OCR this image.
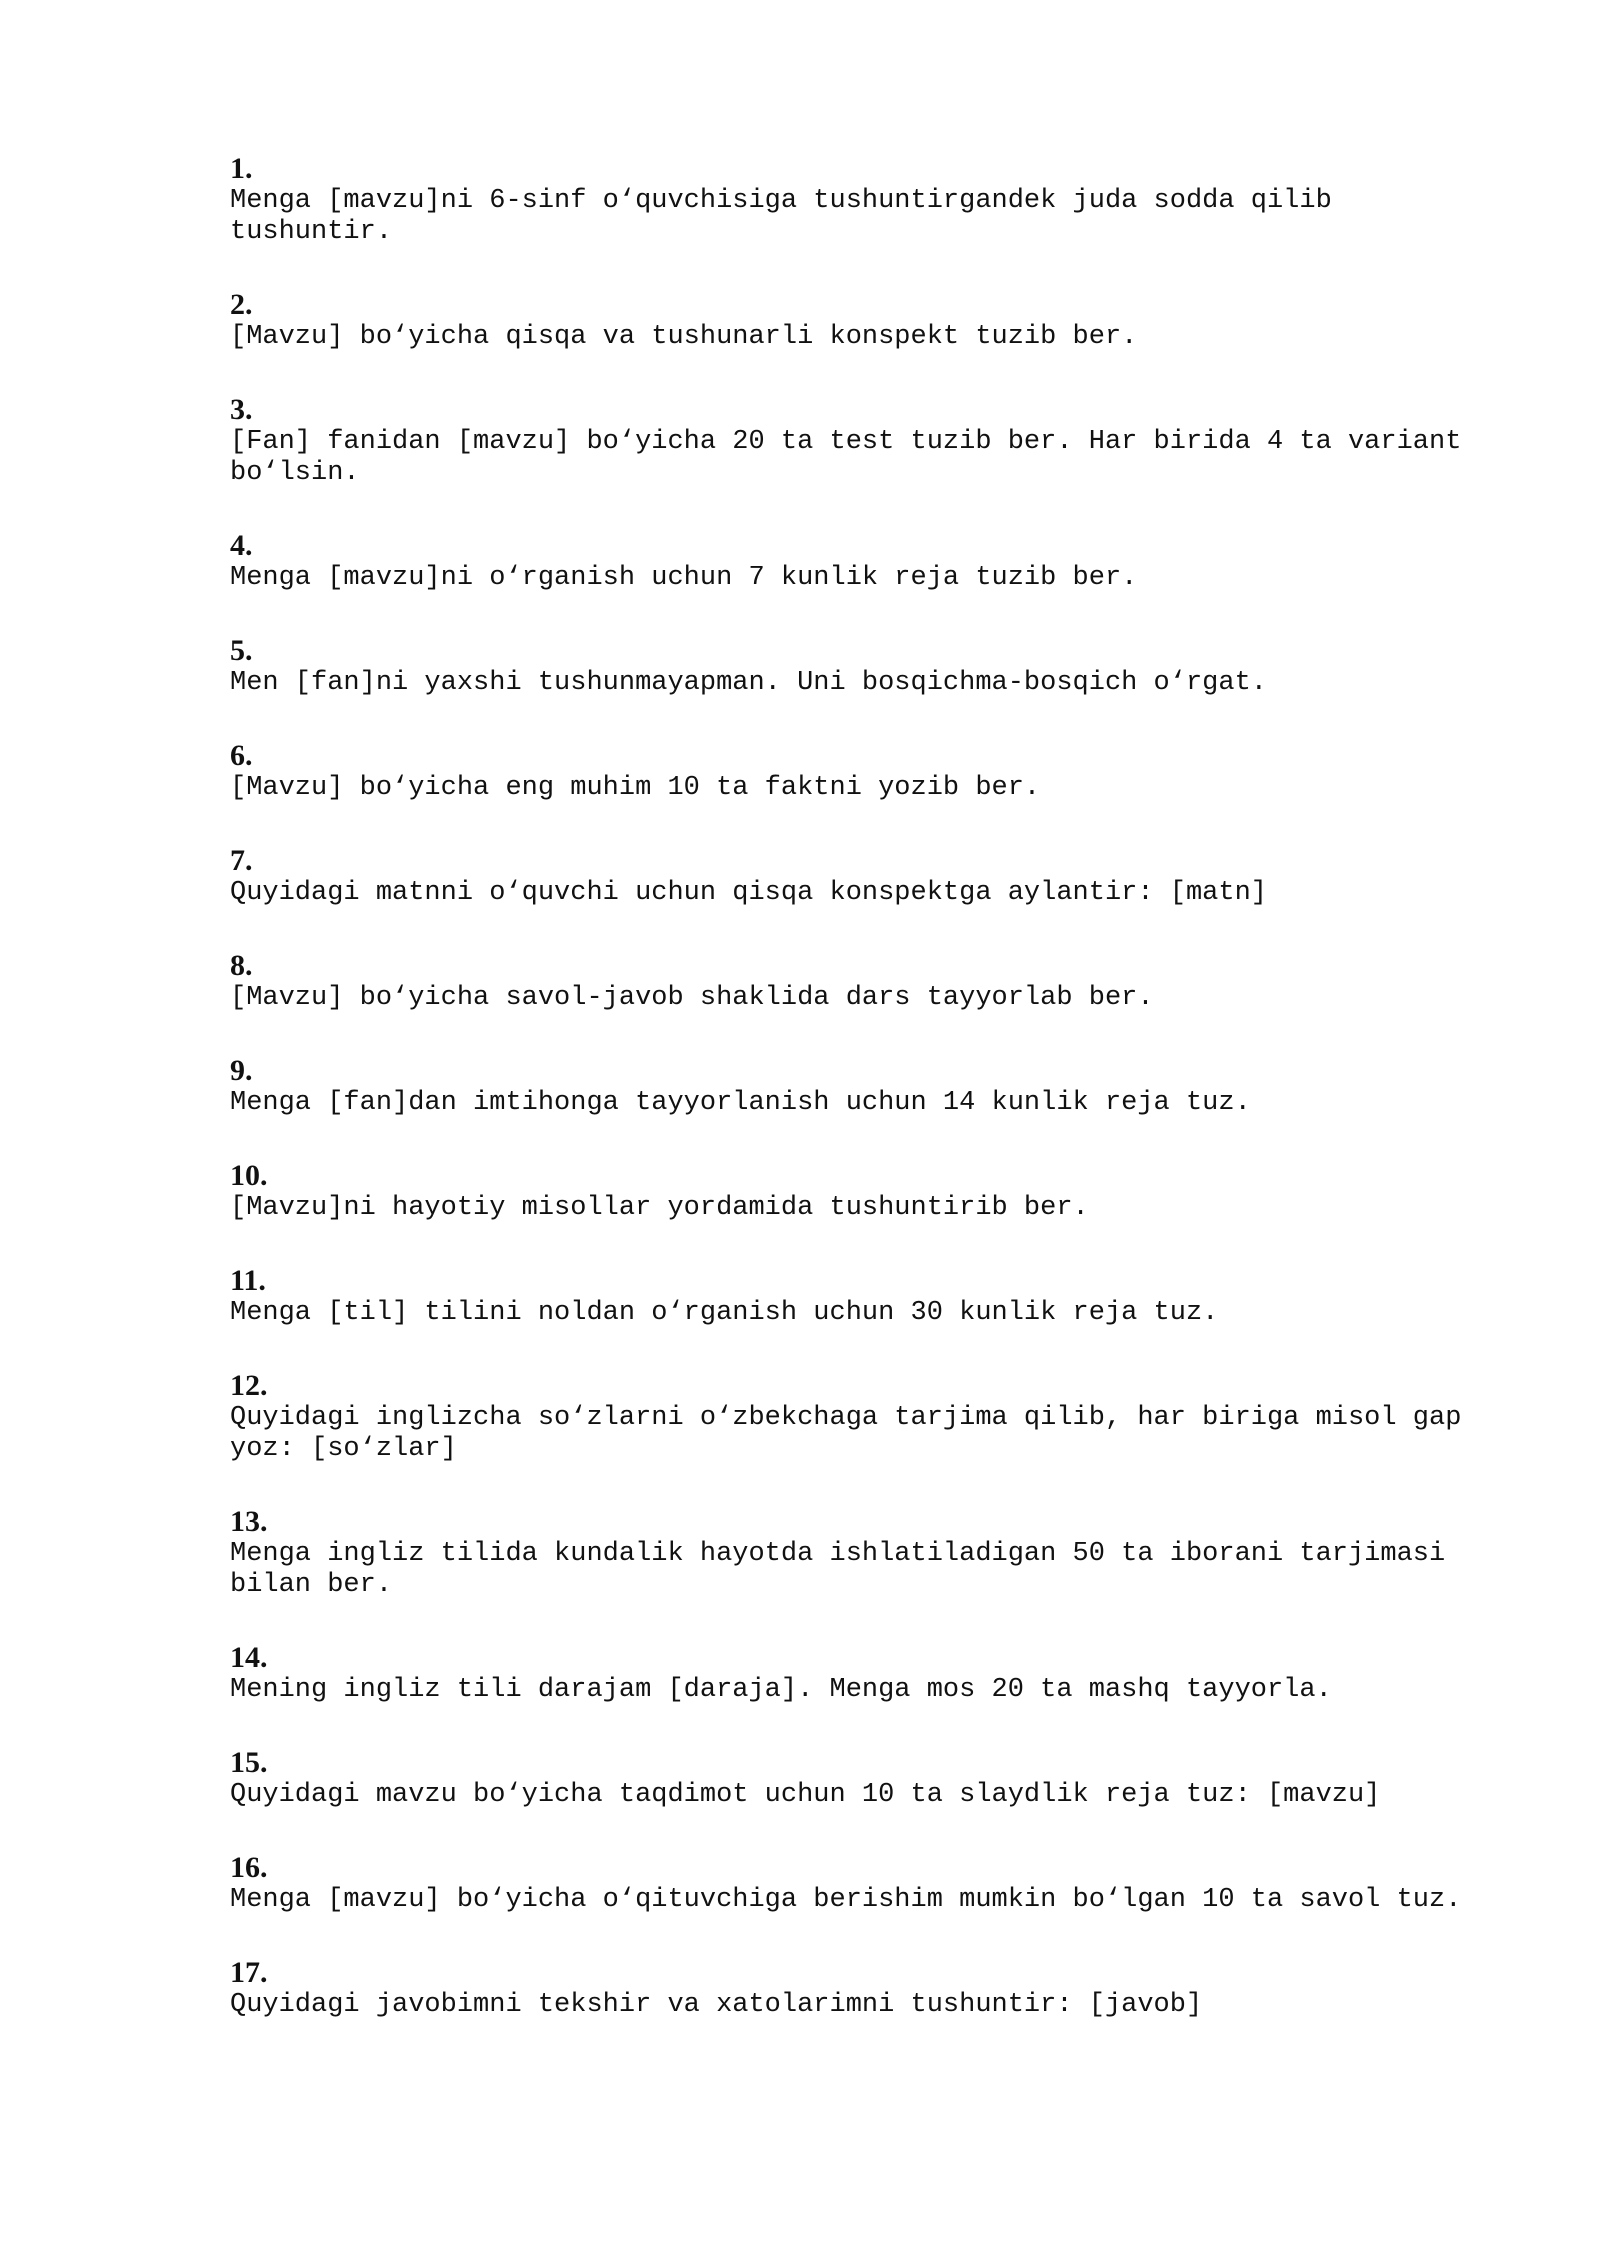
1.
Menga [mavzu]ni 6-sinf o‘quvchisiga tushuntirgandek juda sodda qilib
tushuntir.
2.
[Mavzu] bo‘yicha qisqa va tushunarli konspekt tuzib ber.
3.
[Fan] fanidan [mavzu] bo‘yicha 20 ta test tuzib ber. Har birida 4 ta variant
bo‘lsin.
4.
Menga [mavzu]ni o‘rganish uchun 7 kunlik reja tuzib ber.
5.
Men [fan]ni yaxshi tushunmayapman. Uni bosqichma-bosqich o‘rgat.
6.
[Mavzu] bo‘yicha eng muhim 10 ta faktni yozib ber.
7.
Quyidagi matnni o‘quvchi uchun qisqa konspektga aylantir: [matn]
8.
[Mavzu] bo‘yicha savol-javob shaklida dars tayyorlab ber.
9.
Menga [fan]dan imtihonga tayyorlanish uchun 14 kunlik reja tuz.
10.
[Mavzu]ni hayotiy misollar yordamida tushuntirib ber.
11.
Menga [til] tilini noldan o‘rganish uchun 30 kunlik reja tuz.
12.
Quyidagi inglizcha so‘zlarni o‘zbekchaga tarjima qilib, har biriga misol gap
yoz: [so‘zlar]
13.
Menga ingliz tilida kundalik hayotda ishlatiladigan 50 ta iborani tarjimasi
bilan ber.
14.
Mening ingliz tili darajam [daraja]. Menga mos 20 ta mashq tayyorla.
15.
Quyidagi mavzu bo‘yicha taqdimot uchun 10 ta slaydlik reja tuz: [mavzu]
16.
Menga [mavzu] bo‘yicha o‘qituvchiga berishim mumkin bo‘lgan 10 ta savol tuz.
17.
Quyidagi javobimni tekshir va xatolarimni tushuntir: [javob]
